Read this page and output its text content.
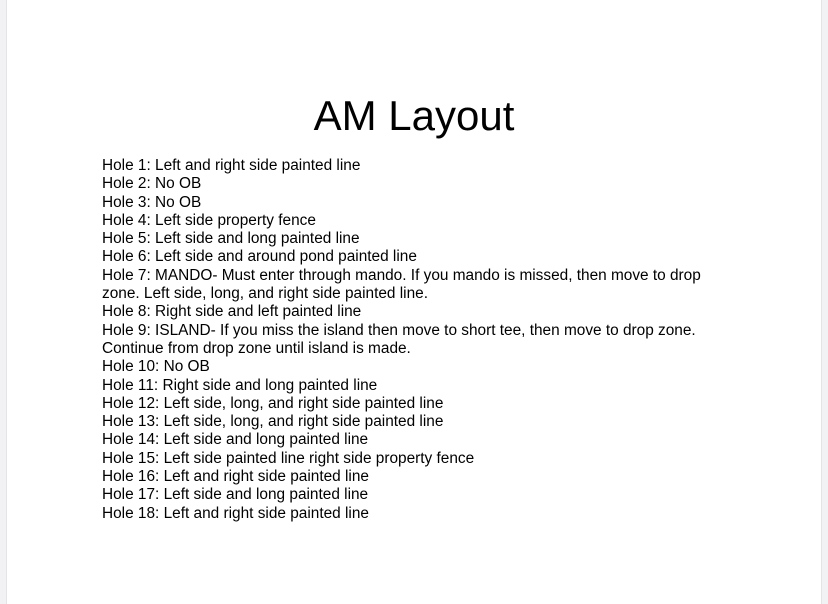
AM Layout
Hole 1: Left and right side painted line
Hole 2: No OB
Hole 3: No OB
Hole 4: Left side property fence
Hole 5: Left side and long painted line
Hole 6: Left side and around pond painted line
Hole 7: MANDO- Must enter through mando. If you mando is missed, then move to drop
zone. Left side, long, and right side painted line.
Hole 8: Right side and left painted line
Hole 9: ISLAND- If you miss the island then move to short tee, then move to drop zone.
Continue from drop zone until island is made.
Hole 10: No OB
Hole 11: Right side and long painted line
Hole 12: Left side, long, and right side painted line
Hole 13: Left side, long, and right side painted line
Hole 14: Left side and long painted line
Hole 15: Left side painted line right side property fence
Hole 16: Left and right side painted line
Hole 17: Left side and long painted line
Hole 18: Left and right side painted line
